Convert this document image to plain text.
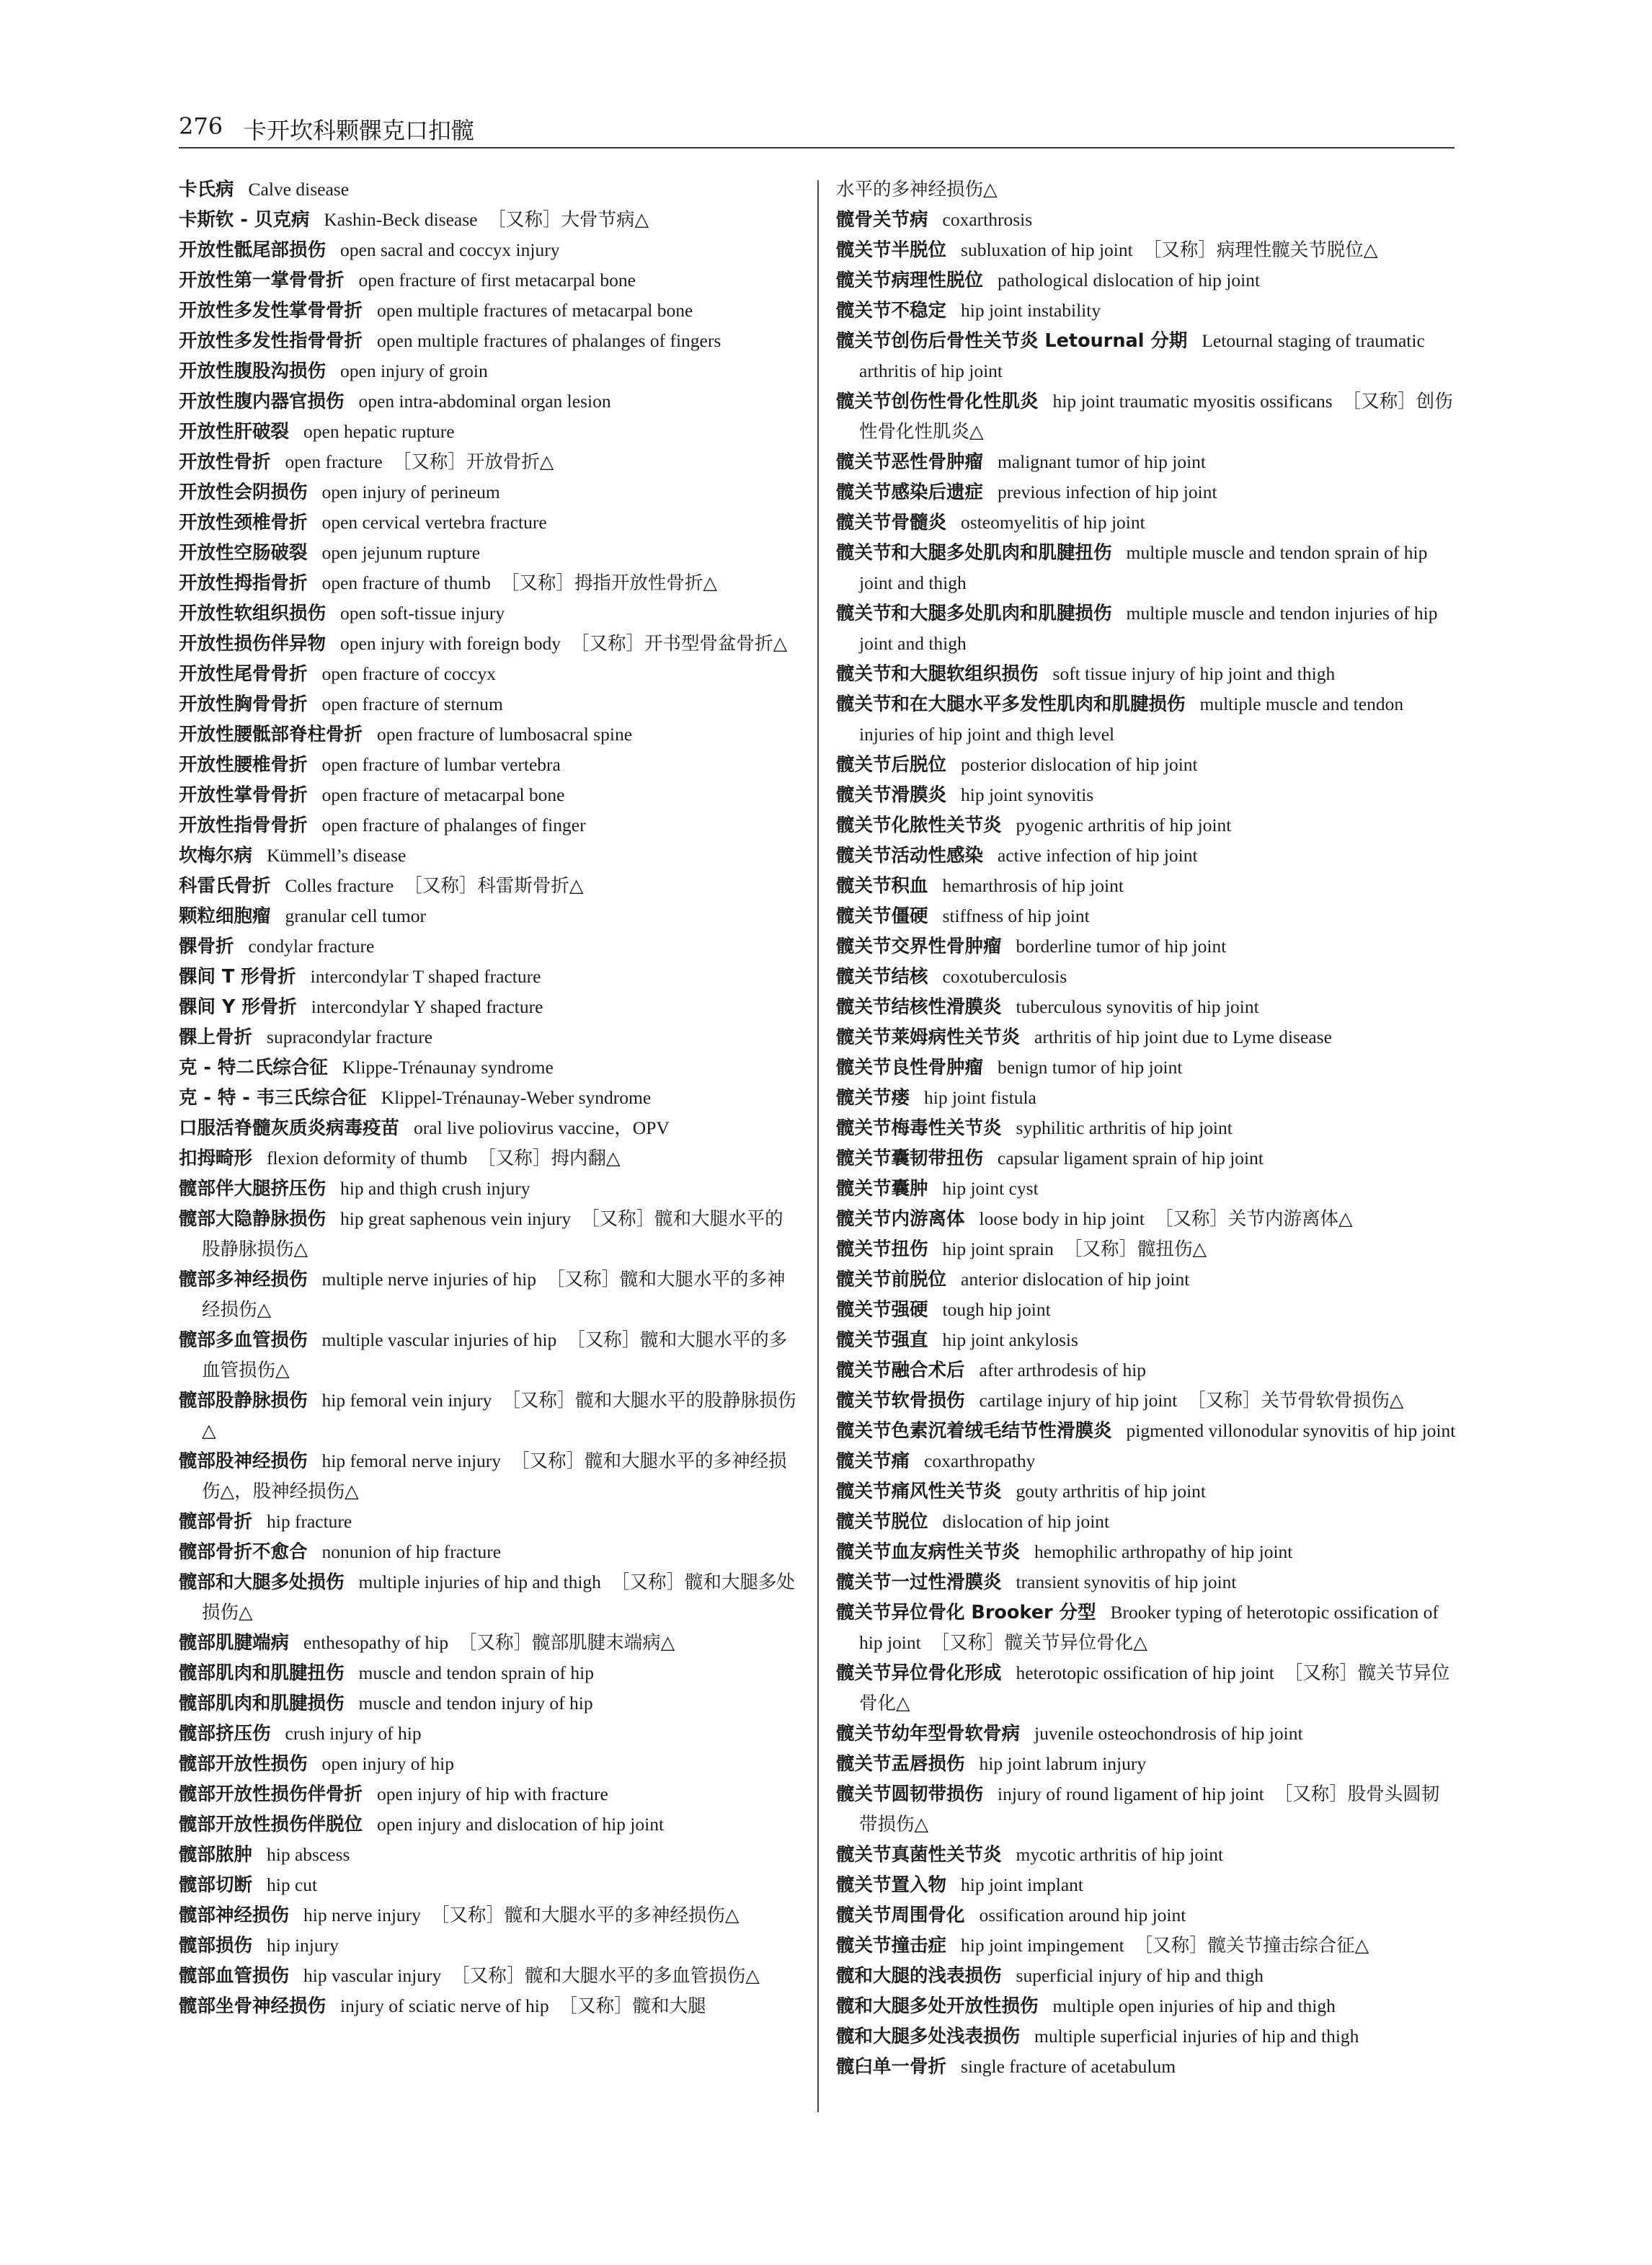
276 卡开坎科颗髁克口扣髋

卡氏病 Calve disease

卡斯钦 - 贝克病 Kashin-Beck disease ［又称］大骨节病△

开放性骶尾部损伤 open sacral and coccyx injury

开放性第一掌骨骨折 open fracture of first metacarpal bone

开放性多发性掌骨骨折 open multiple fractures of metacarpal bone

开放性多发性指骨骨折 open multiple fractures of phalanges of fingers

开放性腹股沟损伤 open injury of groin

开放性腹内器官损伤 open intra-abdominal organ lesion

开放性肝破裂 open hepatic rupture

开放性骨折 open fracture ［又称］开放骨折△

开放性会阴损伤 open injury of perineum

开放性颈椎骨折 open cervical vertebra fracture

开放性空肠破裂 open jejunum rupture

开放性拇指骨折 open fracture of thumb ［又称］拇指开放性骨折△

开放性软组织损伤 open soft-tissue injury

开放性损伤伴异物 open injury with foreign body ［又称］开书型骨盆骨折△

开放性尾骨骨折 open fracture of coccyx

开放性胸骨骨折 open fracture of sternum

开放性腰骶部脊柱骨折 open fracture of lumbosacral spine

开放性腰椎骨折 open fracture of lumbar vertebra

开放性掌骨骨折 open fracture of metacarpal bone

开放性指骨骨折 open fracture of phalanges of finger

坎梅尔病 Kümmell’s disease

科雷氏骨折 Colles fracture ［又称］科雷斯骨折△

颗粒细胞瘤 granular cell tumor

髁骨折 condylar fracture

髁间 T 形骨折 intercondylar T shaped fracture

髁间 Y 形骨折 intercondylar Y shaped fracture

髁上骨折 supracondylar fracture

克 - 特二氏综合征 Klippe-Trénaunay syndrome

克 - 特 - 韦三氏综合征 Klippel-Trénaunay-Weber syndrome

口服活脊髓灰质炎病毒疫苗 oral live poliovirus vaccine，OPV

扣拇畸形 flexion deformity of thumb ［又称］拇内翻△

髋部伴大腿挤压伤 hip and thigh crush injury

髋部大隐静脉损伤 hip great saphenous vein injury ［又称］髋和大腿水平的股静脉损伤△

髋部多神经损伤 multiple nerve injuries of hip ［又称］髋和大腿水平的多神经损伤△

髋部多血管损伤 multiple vascular injuries of hip ［又称］髋和大腿水平的多血管损伤△

髋部股静脉损伤 hip femoral vein injury ［又称］髋和大腿水平的股静脉损伤△

髋部股神经损伤 hip femoral nerve injury ［又称］髋和大腿水平的多神经损伤△，股神经损伤△

髋部骨折 hip fracture

髋部骨折不愈合 nonunion of hip fracture

髋部和大腿多处损伤 multiple injuries of hip and thigh ［又称］髋和大腿多处损伤△

髋部肌腱端病 enthesopathy of hip ［又称］髋部肌腱末端病△

髋部肌肉和肌腱扭伤 muscle and tendon sprain of hip

髋部肌肉和肌腱损伤 muscle and tendon injury of hip

髋部挤压伤 crush injury of hip

髋部开放性损伤 open injury of hip

髋部开放性损伤伴骨折 open injury of hip with fracture

髋部开放性损伤伴脱位 open injury and dislocation of hip joint

髋部脓肿 hip abscess

髋部切断 hip cut

髋部神经损伤 hip nerve injury ［又称］髋和大腿水平的多神经损伤△

髋部损伤 hip injury

髋部血管损伤 hip vascular injury ［又称］髋和大腿水平的多血管损伤△

髋部坐骨神经损伤 injury of sciatic nerve of hip ［又称］髋和大腿

水平的多神经损伤△

髋骨关节病 coxarthrosis

髋关节半脱位 subluxation of hip joint ［又称］病理性髋关节脱位△

髋关节病理性脱位 pathological dislocation of hip joint

髋关节不稳定 hip joint instability

髋关节创伤后骨性关节炎 Letournal 分期 Letournal staging of traumatic arthritis of hip joint

髋关节创伤性骨化性肌炎 hip joint traumatic myositis ossificans ［又称］创伤性骨化性肌炎△

髋关节恶性骨肿瘤 malignant tumor of hip joint

髋关节感染后遗症 previous infection of hip joint

髋关节骨髓炎 osteomyelitis of hip joint

髋关节和大腿多处肌肉和肌腱扭伤 multiple muscle and tendon sprain of hip joint and thigh

髋关节和大腿多处肌肉和肌腱损伤 multiple muscle and tendon injuries of hip joint and thigh

髋关节和大腿软组织损伤 soft tissue injury of hip joint and thigh

髋关节和在大腿水平多发性肌肉和肌腱损伤 multiple muscle and tendon injuries of hip joint and thigh level

髋关节后脱位 posterior dislocation of hip joint

髋关节滑膜炎 hip joint synovitis

髋关节化脓性关节炎 pyogenic arthritis of hip joint

髋关节活动性感染 active infection of hip joint

髋关节积血 hemarthrosis of hip joint

髋关节僵硬 stiffness of hip joint

髋关节交界性骨肿瘤 borderline tumor of hip joint

髋关节结核 coxotuberculosis

髋关节结核性滑膜炎 tuberculous synovitis of hip joint

髋关节莱姆病性关节炎 arthritis of hip joint due to Lyme disease

髋关节良性骨肿瘤 benign tumor of hip joint

髋关节瘘 hip joint fistula

髋关节梅毒性关节炎 syphilitic arthritis of hip joint

髋关节囊韧带扭伤 capsular ligament sprain of hip joint

髋关节囊肿 hip joint cyst

髋关节内游离体 loose body in hip joint ［又称］关节内游离体△

髋关节扭伤 hip joint sprain ［又称］髋扭伤△

髋关节前脱位 anterior dislocation of hip joint

髋关节强硬 tough hip joint

髋关节强直 hip joint ankylosis

髋关节融合术后 after arthrodesis of hip

髋关节软骨损伤 cartilage injury of hip joint ［又称］关节骨软骨损伤△

髋关节色素沉着绒毛结节性滑膜炎 pigmented villonodular synovitis of hip joint

髋关节痛 coxarthropathy

髋关节痛风性关节炎 gouty arthritis of hip joint

髋关节脱位 dislocation of hip joint

髋关节血友病性关节炎 hemophilic arthropathy of hip joint

髋关节一过性滑膜炎 transient synovitis of hip joint

髋关节异位骨化 Brooker 分型 Brooker typing of heterotopic ossification of hip joint ［又称］髋关节异位骨化△

髋关节异位骨化形成 heterotopic ossification of hip joint ［又称］髋关节异位骨化△

髋关节幼年型骨软骨病 juvenile osteochondrosis of hip joint

髋关节盂唇损伤 hip joint labrum injury

髋关节圆韧带损伤 injury of round ligament of hip joint ［又称］股骨头圆韧带损伤△

髋关节真菌性关节炎 mycotic arthritis of hip joint

髋关节置入物 hip joint implant

髋关节周围骨化 ossification around hip joint

髋关节撞击症 hip joint impingement ［又称］髋关节撞击综合征△

髋和大腿的浅表损伤 superficial injury of hip and thigh

髋和大腿多处开放性损伤 multiple open injuries of hip and thigh

髋和大腿多处浅表损伤 multiple superficial injuries of hip and thigh

髋臼单一骨折 single fracture of acetabulum
